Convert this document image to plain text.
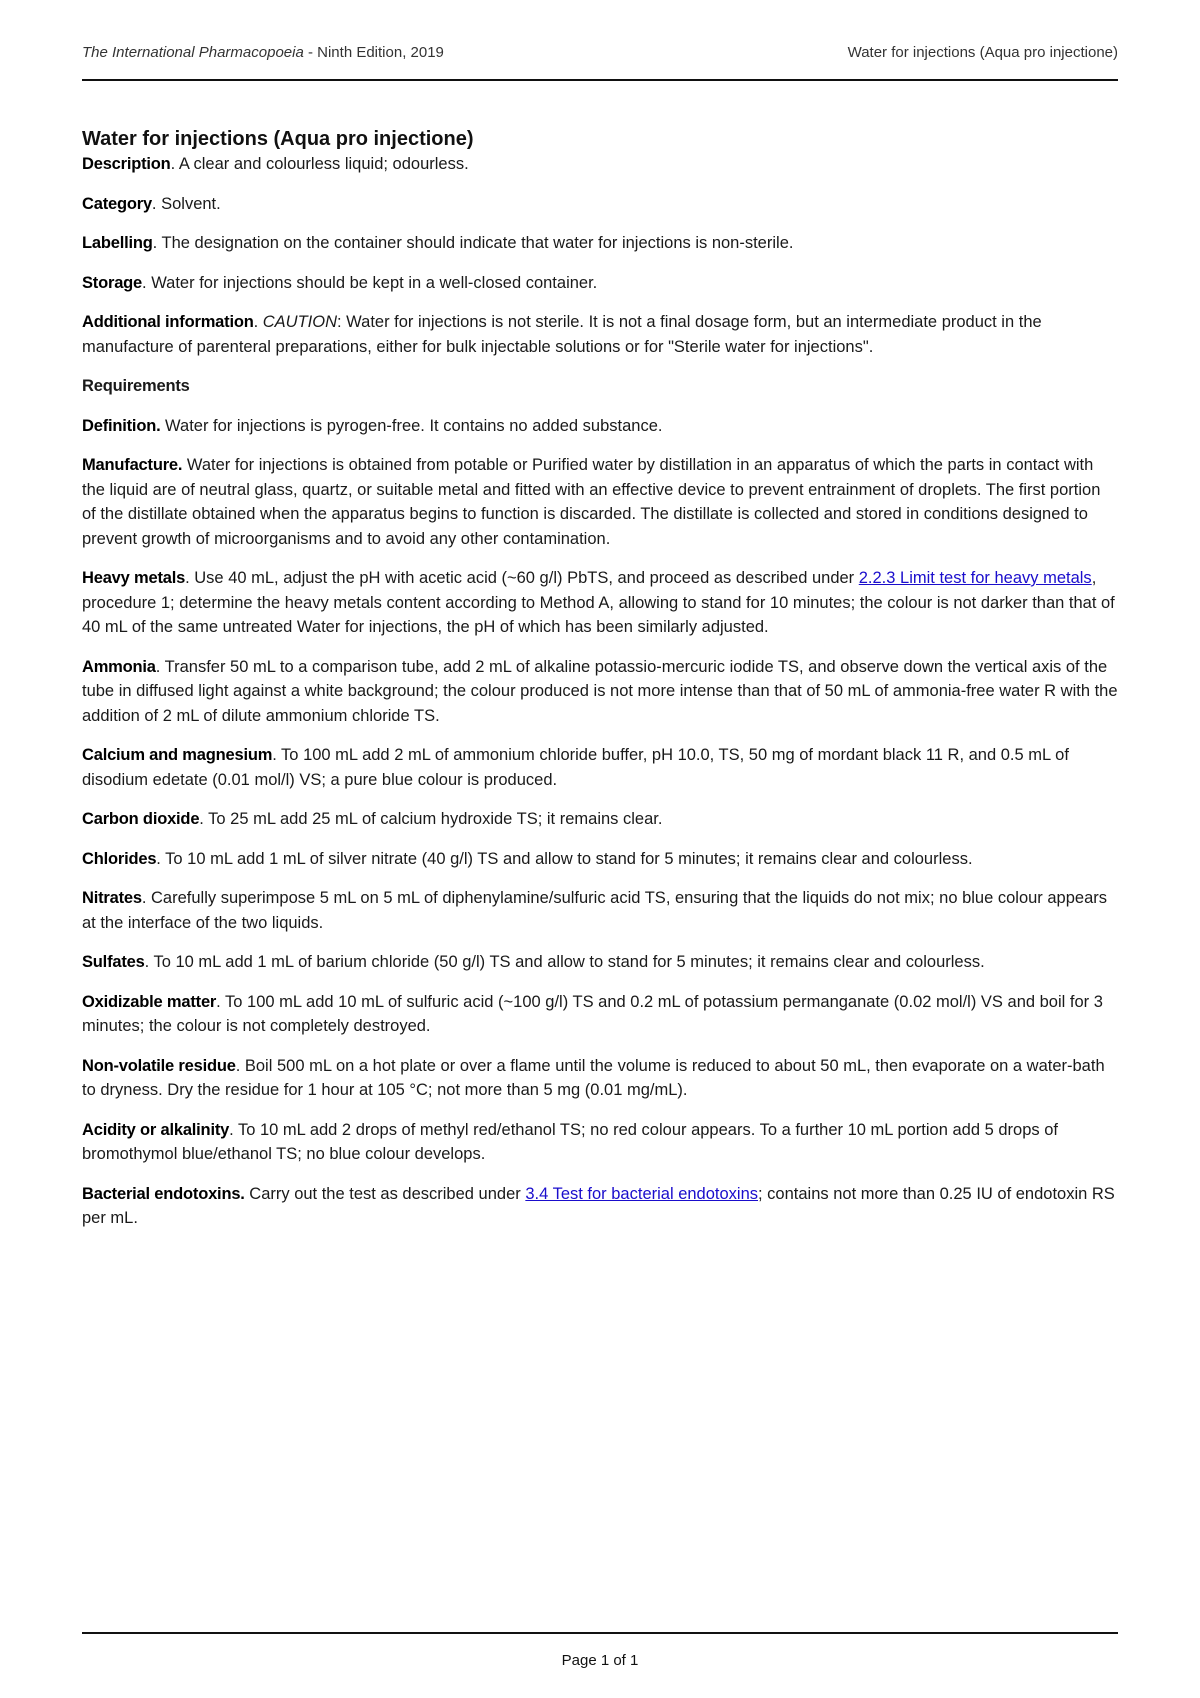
The International Pharmacopoeia - Ninth Edition, 2019	Water for injections (Aqua pro injectione)
Water for injections (Aqua pro injectione)

Description. A clear and colourless liquid; odourless.

Category. Solvent.

Labelling. The designation on the container should indicate that water for injections is non-sterile.

Storage. Water for injections should be kept in a well-closed container.

Additional information. CAUTION: Water for injections is not sterile. It is not a final dosage form, but an intermediate product in the manufacture of parenteral preparations, either for bulk injectable solutions or for "Sterile water for injections".

Requirements

Definition. Water for injections is pyrogen-free. It contains no added substance.

Manufacture. Water for injections is obtained from potable or Purified water by distillation in an apparatus of which the parts in contact with the liquid are of neutral glass, quartz, or suitable metal and fitted with an effective device to prevent entrainment of droplets. The first portion of the distillate obtained when the apparatus begins to function is discarded. The distillate is collected and stored in conditions designed to prevent growth of microorganisms and to avoid any other contamination.

Heavy metals. Use 40 mL, adjust the pH with acetic acid (~60 g/l) PbTS, and proceed as described under 2.2.3 Limit test for heavy metals, procedure 1; determine the heavy metals content according to Method A, allowing to stand for 10 minutes; the colour is not darker than that of 40 mL of the same untreated Water for injections, the pH of which has been similarly adjusted.

Ammonia. Transfer 50 mL to a comparison tube, add 2 mL of alkaline potassio-mercuric iodide TS, and observe down the vertical axis of the tube in diffused light against a white background; the colour produced is not more intense than that of 50 mL of ammonia-free water R with the addition of 2 mL of dilute ammonium chloride TS.

Calcium and magnesium. To 100 mL add 2 mL of ammonium chloride buffer, pH 10.0, TS, 50 mg of mordant black 11 R, and 0.5 mL of disodium edetate (0.01 mol/l) VS; a pure blue colour is produced.

Carbon dioxide. To 25 mL add 25 mL of calcium hydroxide TS; it remains clear.

Chlorides. To 10 mL add 1 mL of silver nitrate (40 g/l) TS and allow to stand for 5 minutes; it remains clear and colourless.

Nitrates. Carefully superimpose 5 mL on 5 mL of diphenylamine/sulfuric acid TS, ensuring that the liquids do not mix; no blue colour appears at the interface of the two liquids.

Sulfates. To 10 mL add 1 mL of barium chloride (50 g/l) TS and allow to stand for 5 minutes; it remains clear and colourless.

Oxidizable matter. To 100 mL add 10 mL of sulfuric acid (~100 g/l) TS and 0.2 mL of potassium permanganate (0.02 mol/l) VS and boil for 3 minutes; the colour is not completely destroyed.

Non-volatile residue. Boil 500 mL on a hot plate or over a flame until the volume is reduced to about 50 mL, then evaporate on a water-bath to dryness. Dry the residue for 1 hour at 105 °C; not more than 5 mg (0.01 mg/mL).

Acidity or alkalinity. To 10 mL add 2 drops of methyl red/ethanol TS; no red colour appears. To a further 10 mL portion add 5 drops of bromothymol blue/ethanol TS; no blue colour develops.

Bacterial endotoxins. Carry out the test as described under 3.4 Test for bacterial endotoxins; contains not more than 0.25 IU of endotoxin RS per mL.

Page 1 of 1
